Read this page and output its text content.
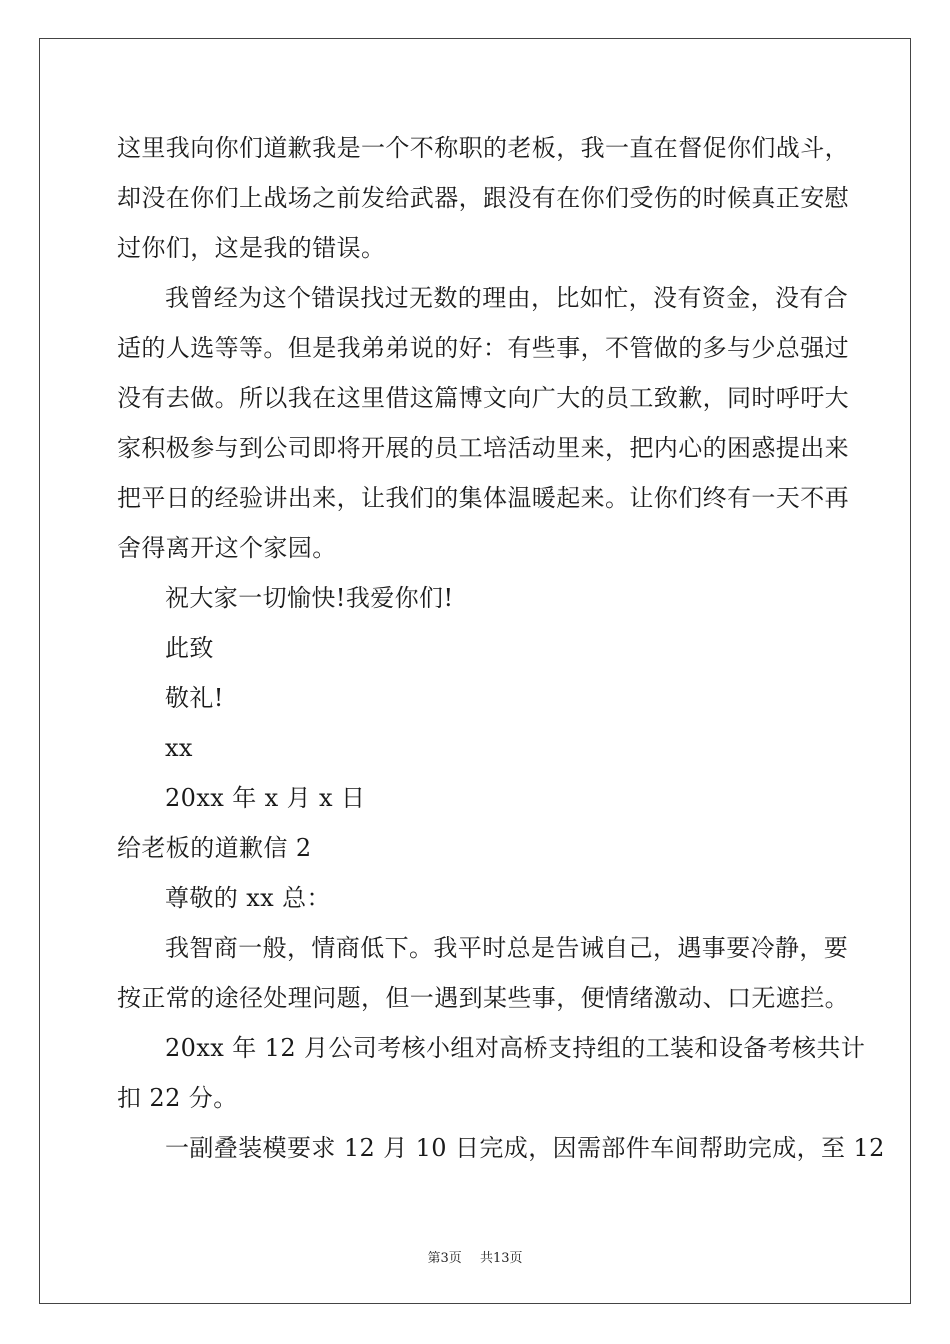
这里我向你们道歉我是一个不称职的老板，我一直在督促你们战斗，
却没在你们上战场之前发给武器，跟没有在你们受伤的时候真正安慰
过你们，这是我的错误。
我曾经为这个错误找过无数的理由，比如忙，没有资金，没有合
适的人选等等。但是我弟弟说的好：有些事，不管做的多与少总强过
没有去做。所以我在这里借这篇博文向广大的员工致歉，同时呼吁大
家积极参与到公司即将开展的员工培活动里来，把内心的困惑提出来
把平日的经验讲出来，让我们的集体温暖起来。让你们终有一天不再
舍得离开这个家园。
祝大家一切愉快!我爱你们!
此致
敬礼!
xx
20xx 年 x 月 x 日
给老板的道歉信 2
尊敬的 xx 总：
我智商一般，情商低下。我平时总是告诫自己，遇事要冷静，要
按正常的途径处理问题，但一遇到某些事，便情绪激动、口无遮拦。
20xx 年 12 月公司考核小组对高桥支持组的工装和设备考核共计
扣 22 分。
一副叠装模要求 12 月 10 日完成，因需部件车间帮助完成，至 12
第3页 共13页
